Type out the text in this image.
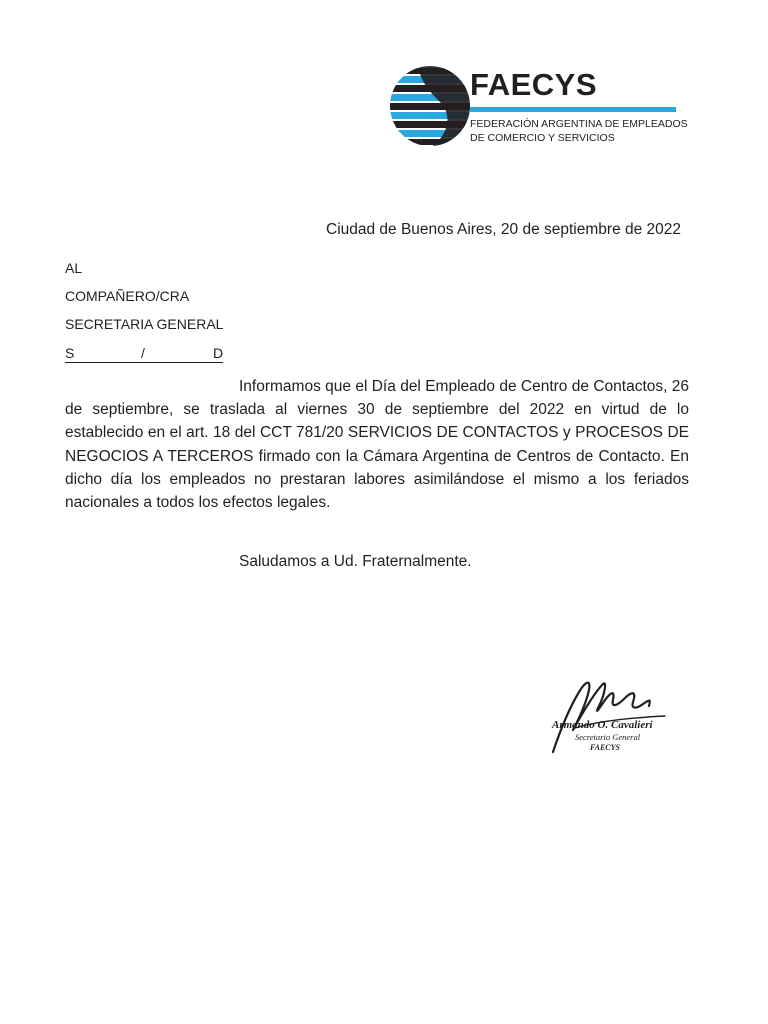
FAECYS
FEDERACIÓN ARGENTINA DE EMPLEADOS
DE COMERCIO Y SERVICIOS
Ciudad de Buenos Aires, 20 de septiembre de 2022
AL
COMPAÑERO/CRA
SECRETARIA GENERAL
S	/	D
Informamos que el Día del Empleado de Centro de Contactos, 26 de septiembre, se traslada al viernes 30 de septiembre del 2022 en virtud de lo establecido en el art. 18 del CCT 781/20 SERVICIOS DE CONTACTOS y PROCESOS DE NEGOCIOS A TERCEROS firmado con la Cámara Argentina de Centros de Contacto. En dicho día los empleados no prestaran labores asimilándose el mismo a los feriados nacionales a todos los efectos legales.
Saludamos a Ud. Fraternalmente.
Armando O. Cavalieri
Secretario General
FAECYS
